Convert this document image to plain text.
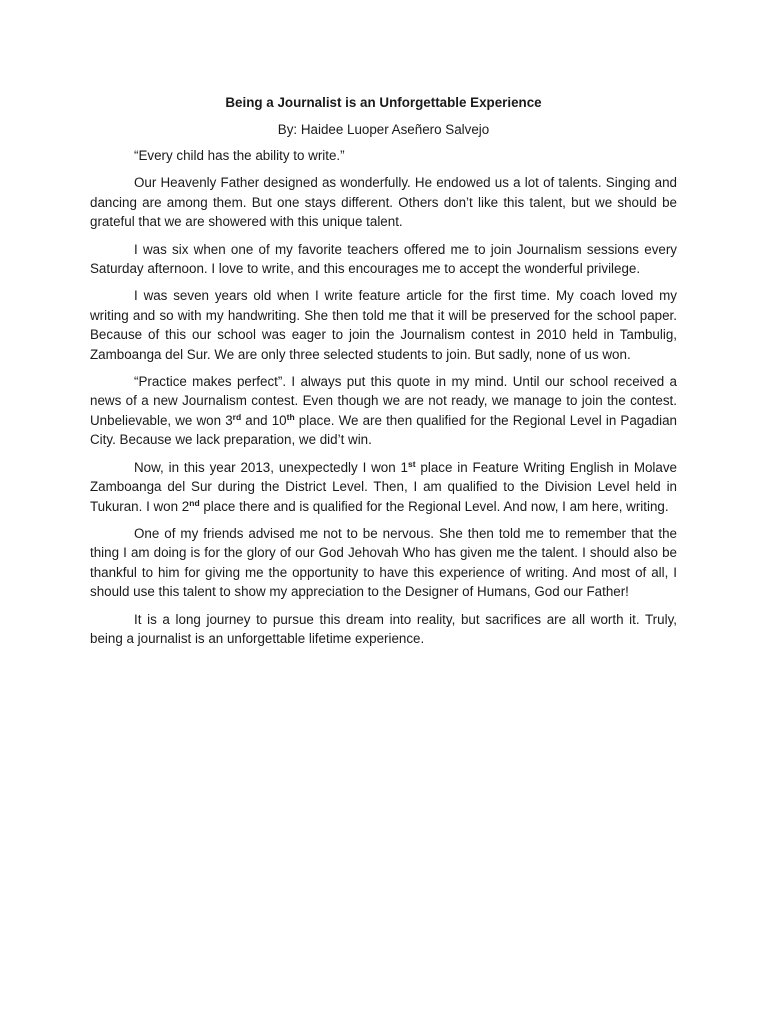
Being a Journalist is an Unforgettable Experience

By: Haidee Luoper Aseñero Salvejo

“Every child has the ability to write.”

Our Heavenly Father designed as wonderfully. He endowed us a lot of talents. Singing and dancing are among them. But one stays different. Others don’t like this talent, but we should be grateful that we are showered with this unique talent.

I was six when one of my favorite teachers offered me to join Journalism sessions every Saturday afternoon. I love to write, and this encourages me to accept the wonderful privilege.

I was seven years old when I write feature article for the first time. My coach loved my writing and so with my handwriting. She then told me that it will be preserved for the school paper. Because of this our school was eager to join the Journalism contest in 2010 held in Tambulig, Zamboanga del Sur. We are only three selected students to join. But sadly, none of us won.

“Practice makes perfect”. I always put this quote in my mind. Until our school received a news of a new Journalism contest. Even though we are not ready, we manage to join the contest. Unbelievable, we won 3rd and 10th place. We are then qualified for the Regional Level in Pagadian City. Because we lack preparation, we did’t win.

Now, in this year 2013, unexpectedly I won 1st place in Feature Writing English in Molave Zamboanga del Sur during the District Level. Then, I am qualified to the Division Level held in Tukuran. I won 2nd place there and is qualified for the Regional Level. And now, I am here, writing.

One of my friends advised me not to be nervous. She then told me to remember that the thing I am doing is for the glory of our God Jehovah Who has given me the talent. I should also be thankful to him for giving me the opportunity to have this experience of writing. And most of all, I should use this talent to show my appreciation to the Designer of Humans, God our Father!

It is a long journey to pursue this dream into reality, but sacrifices are all worth it. Truly, being a journalist is an unforgettable lifetime experience.
